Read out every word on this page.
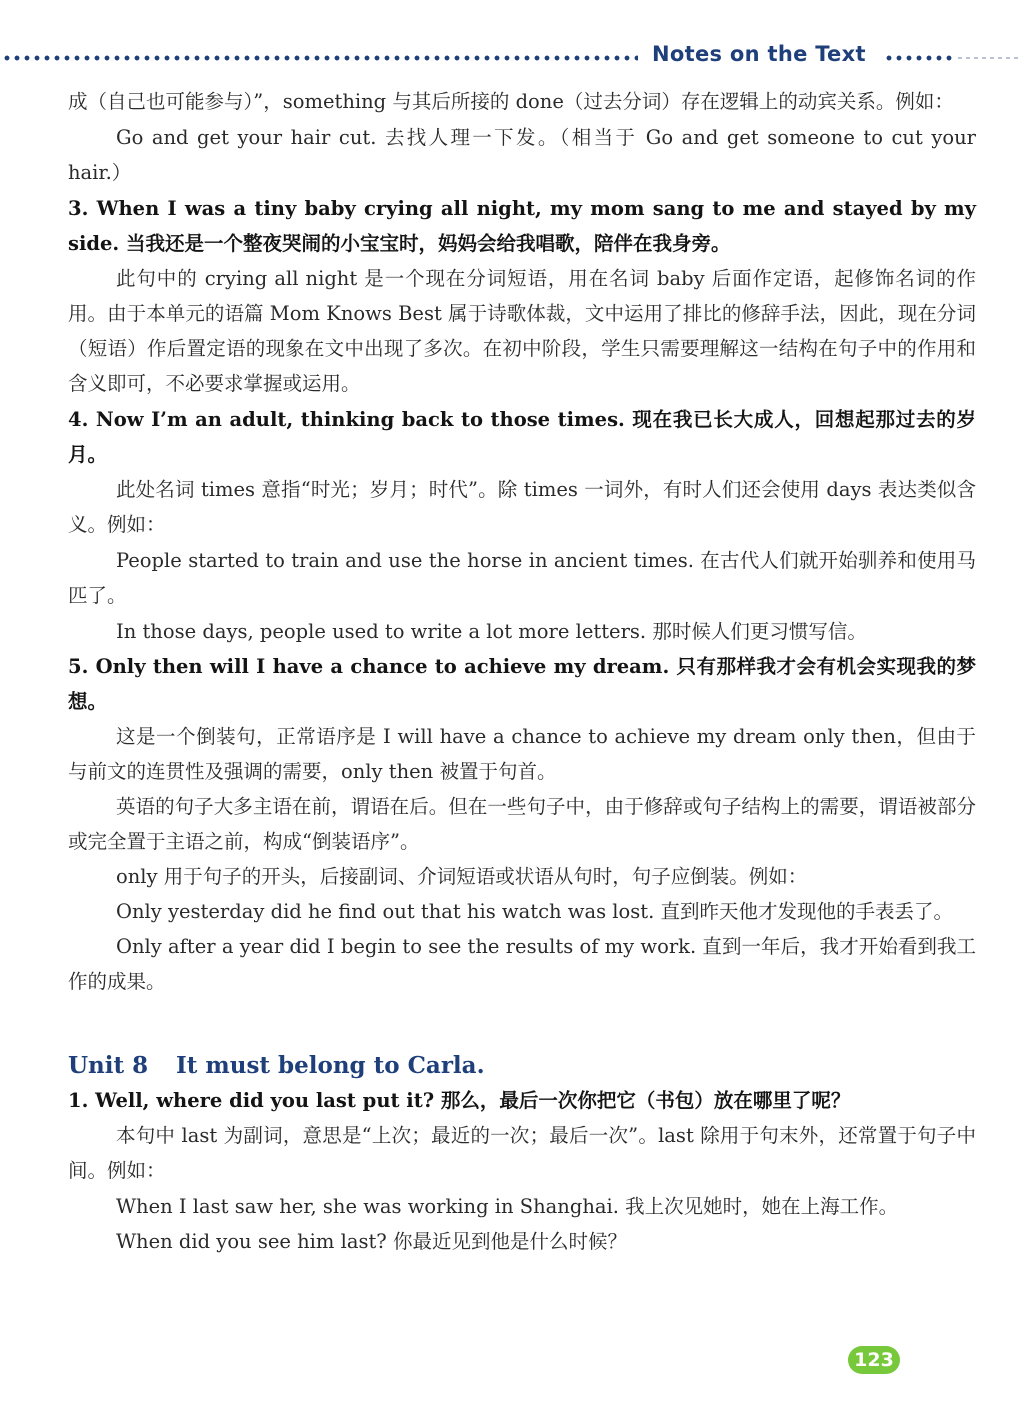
Notes on the Text

成（自己也可能参与）”，something 与其后所接的 done（过去分词）存在逻辑上的动宾关系。例如：

Go and get your hair cut. 去找人理一下发。（相当于 Go and get someone to cut your hair.）

3. When I was a tiny baby crying all night, my mom sang to me and stayed by my side. 当我还是一个整夜哭闹的小宝宝时，妈妈会给我唱歌，陪伴在我身旁。

此句中的 crying all night 是一个现在分词短语，用在名词 baby 后面作定语，起修饰名词的作用。由于本单元的语篇 Mom Knows Best 属于诗歌体裁，文中运用了排比的修辞手法，因此，现在分词（短语）作后置定语的现象在文中出现了多次。在初中阶段，学生只需要理解这一结构在句子中的作用和含义即可，不必要求掌握或运用。

4. Now I’m an adult, thinking back to those times. 现在我已长大成人，回想起那过去的岁月。

此处名词 times 意指“时光；岁月；时代”。除 times 一词外，有时人们还会使用 days 表达类似含义。例如：

People started to train and use the horse in ancient times. 在古代人们就开始驯养和使用马匹了。

In those days, people used to write a lot more letters. 那时候人们更习惯写信。

5. Only then will I have a chance to achieve my dream. 只有那样我才会有机会实现我的梦想。

这是一个倒装句，正常语序是 I will have a chance to achieve my dream only then，但由于与前文的连贯性及强调的需要，only then 被置于句首。

英语的句子大多主语在前，谓语在后。但在一些句子中，由于修辞或句子结构上的需要，谓语被部分或完全置于主语之前，构成“倒装语序”。

only 用于句子的开头，后接副词、介词短语或状语从句时，句子应倒装。例如：

Only yesterday did he find out that his watch was lost. 直到昨天他才发现他的手表丢了。

Only after a year did I begin to see the results of my work. 直到一年后，我才开始看到我工作的成果。

Unit 8 It must belong to Carla.

1. Well, where did you last put it? 那么，最后一次你把它（书包）放在哪里了呢？

本句中 last 为副词，意思是“上次；最近的一次；最后一次”。last 除用于句末外，还常置于句子中间。例如：

When I last saw her, she was working in Shanghai. 我上次见她时，她在上海工作。

When did you see him last? 你最近见到他是什么时候？

123
